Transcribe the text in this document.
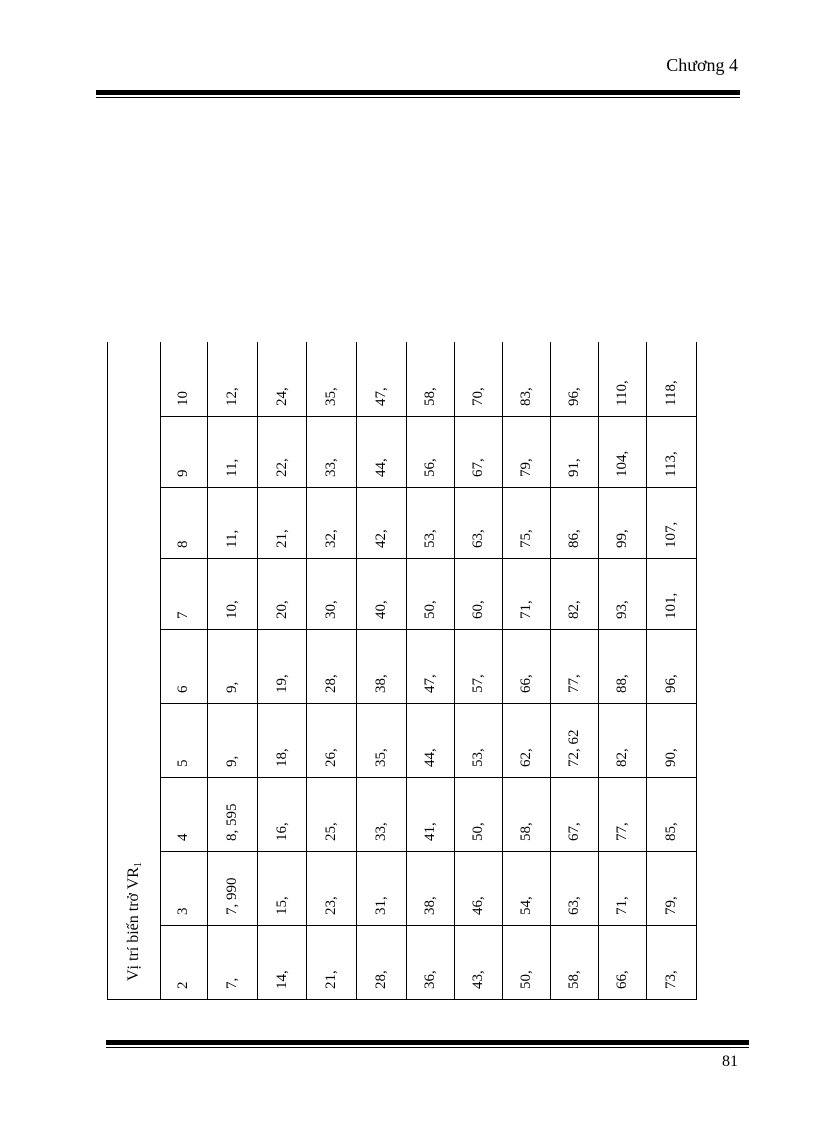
Chương 4
Vị trí biến trở VR1								
2	3	4	5	6	7	8	9	10
7,	7, 990	8, 595	9,	9,	10,	11,	11,	12,
14,	15,	16,	18,	19,	20,	21,	22,	24,
21,	23,	25,	26,	28,	30,	32,	33,	35,
28,	31,	33,	35,	38,	40,	42,	44,	47,
36,	38,	41,	44,	47,	50,	53,	56,	58,
43,	46,	50,	53,	57,	60,	63,	67,	70,
50,	54,	58,	62,	66,	71,	75,	79,	83,
58,	63,	67,	72, 62	77,	82,	86,	91,	96,
66,	71,	77,	82,	88,	93,	99,	104,	110,
73,	79,	85,	90,	96,	101,	107,	113,	118,
81
